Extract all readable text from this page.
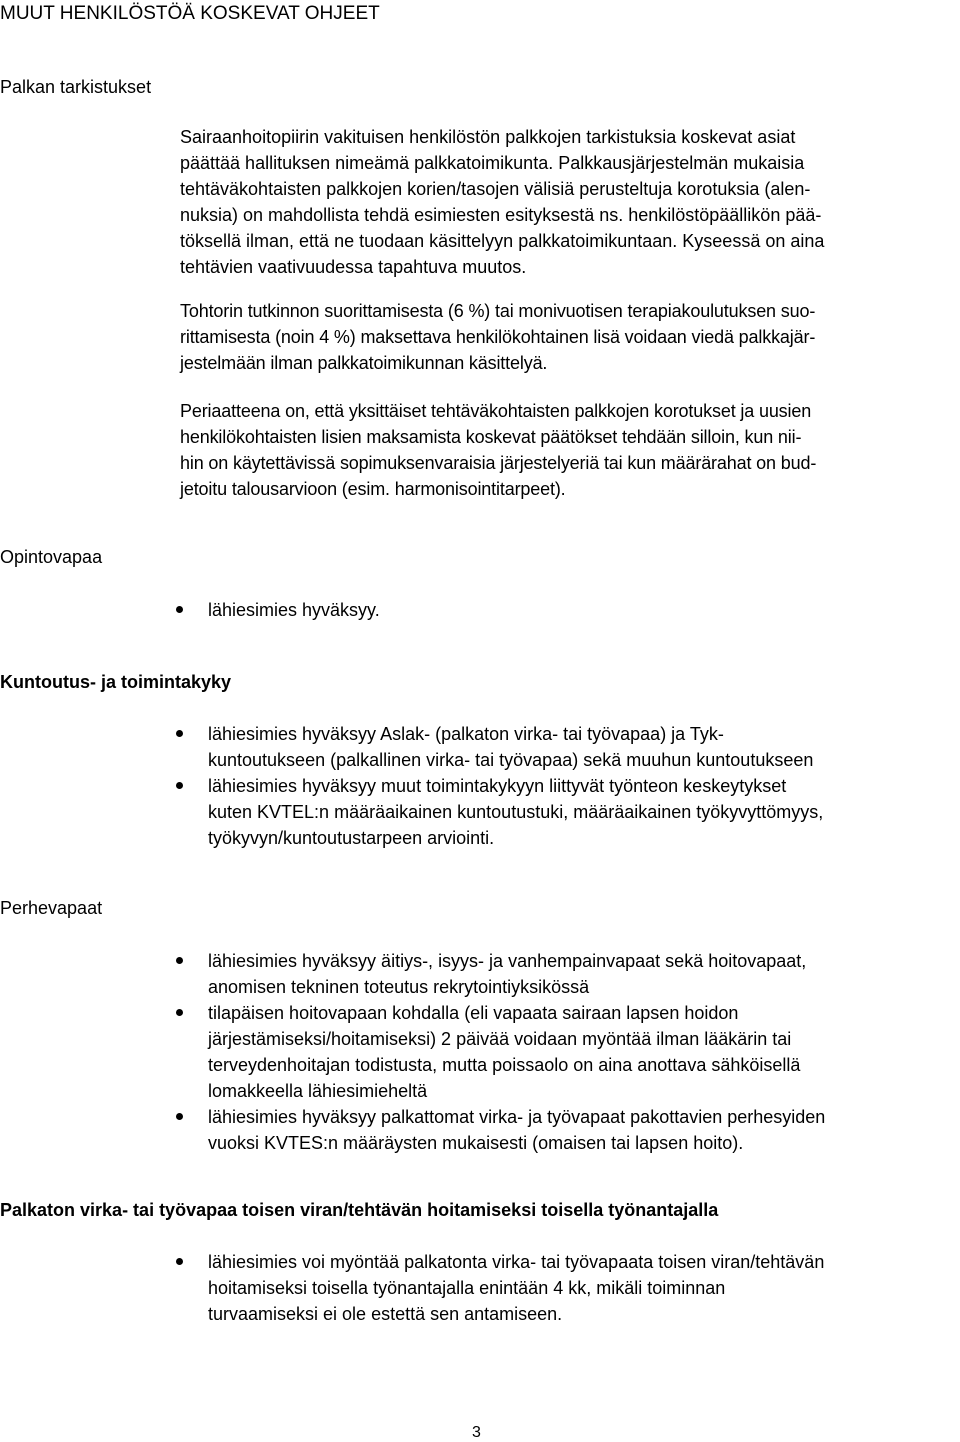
MUUT HENKILÖSTÖÄ KOSKEVAT OHJEET
Palkan tarkistukset

Sairaanhoitopiirin vakituisen henkilöstön palkkojen tarkistuksia koskevat asiat
päättää hallituksen nimeämä palkkatoimikunta. Palkkausjärjestelmän mukaisia
tehtäväkohtaisten palkkojen korien/tasojen välisiä perusteltuja korotuksia (alen-
nuksia) on mahdollista tehdä esimiesten esityksestä ns. henkilöstöpäällikön pää-
töksellä ilman, että ne tuodaan käsittelyyn palkkatoimikuntaan. Kyseessä on aina
tehtävien vaativuudessa tapahtuva muutos.

Tohtorin tutkinnon suorittamisesta (6 %) tai monivuotisen terapiakoulutuksen suo-
rittamisesta (noin 4 %) maksettava henkilökohtainen lisä voidaan viedä palkkajär-
jestelmään ilman palkkatoimikunnan käsittelyä.

Periaatteena on, että yksittäiset tehtäväkohtaisten palkkojen korotukset ja uusien
henkilökohtaisten lisien maksamista koskevat päätökset tehdään silloin, kun nii-
hin on käytettävissä sopimuksenvaraisia järjestelyeriä tai kun määrärahat on bud-
jetoitu talousarvioon (esim. harmonisointitarpeet).

Opintovapaa
lähiesimies hyväksyy.
Kuntoutus- ja toimintakyky
lähiesimies hyväksyy Aslak- (palkaton virka- tai työvapaa) ja Tyk-
kuntoutukseen (palkallinen virka- tai työvapaa) sekä muuhun kuntoutukseen
lähiesimies hyväksyy muut toimintakykyyn liittyvät työnteon keskeytykset
kuten KVTEL:n määräaikainen kuntoutustuki, määräaikainen työkyvyttömyys,
työkyvyn/kuntoutustarpeen arviointi.
Perhevapaat
lähiesimies hyväksyy äitiys-, isyys- ja vanhempainvapaat sekä hoitovapaat,
anomisen tekninen toteutus rekrytointiyksikössä
tilapäisen hoitovapaan kohdalla (eli vapaata sairaan lapsen hoidon
järjestämiseksi/hoitamiseksi) 2 päivää voidaan myöntää ilman lääkärin tai
terveydenhoitajan todistusta, mutta poissaolo on aina anottava sähköisellä
lomakkeella lähiesimieheltä
lähiesimies hyväksyy palkattomat virka- ja työvapaat pakottavien perhesyiden
vuoksi KVTES:n määräysten mukaisesti (omaisen tai lapsen hoito).
Palkaton virka- tai työvapaa toisen viran/tehtävän hoitamiseksi toisella työnantajalla
lähiesimies voi myöntää palkatonta virka- tai työvapaata toisen viran/tehtävän
hoitamiseksi toisella työnantajalla enintään 4 kk, mikäli toiminnan
turvaamiseksi ei ole estettä sen antamiseen.
3
